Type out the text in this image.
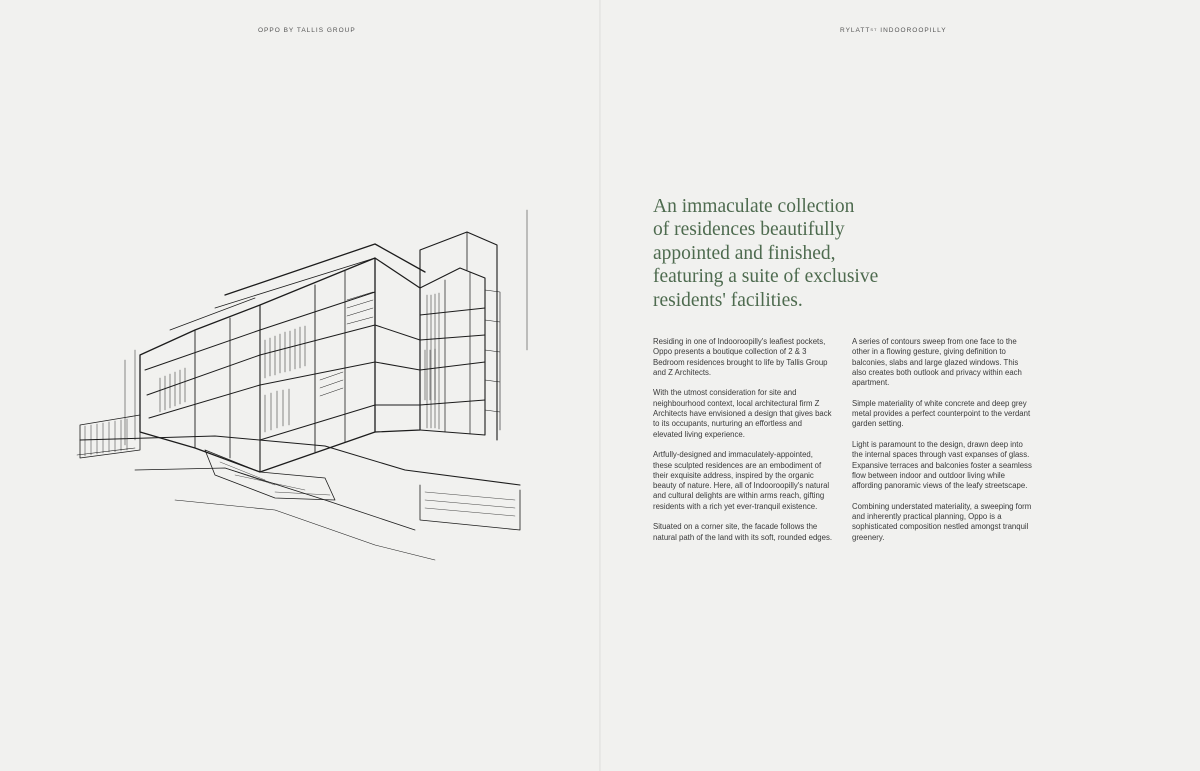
OPPO BY TALLIS GROUP	$RYLATT^{ST}$ INDOOROOPILLY
An immaculate collection
of residences beautifully
appointed and finished,
featuring a suite of exclusive
residents' facilities.

Residing in one of Indooroopilly's leafiest pockets, Oppo presents a boutique collection of 2 & 3 Bedroom residences brought to life by Tallis Group and Z Architects.

With the utmost consideration for site and neighbourhood context, local architectural firm Z Architects have envisioned a design that gives back to its occupants, nurturing an effortless and elevated living experience.

Artfully-designed and immaculately-appointed, these sculpted residences are an embodiment of their exquisite address, inspired by the organic beauty of nature. Here, all of Indooroopilly's natural and cultural delights are within arms reach, gifting residents with a rich yet ever-tranquil existence.

Situated on a corner site, the facade follows the natural path of the land with its soft, rounded edges.

A series of contours sweep from one face to the other in a flowing gesture, giving definition to balconies, slabs and large glazed windows. This also creates both outlook and privacy within each apartment.

Simple materiality of white concrete and deep grey metal provides a perfect counterpoint to the verdant garden setting.

Light is paramount to the design, drawn deep into the internal spaces through vast expanses of glass. Expansive terraces and balconies foster a seamless flow between indoor and outdoor living while affording panoramic views of the leafy streetscape.

Combining understated materiality, a sweeping form and inherently practical planning, Oppo is a sophisticated composition nestled amongst tranquil greenery.
